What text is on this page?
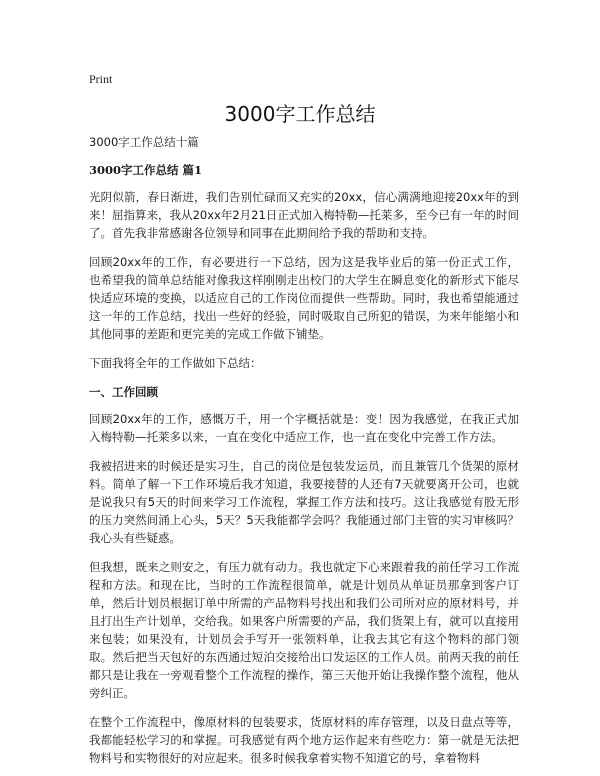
Print
3000字工作总结

3000字工作总结十篇

3000字工作总结 篇1

光阴似箭，春日渐进，我们告别忙碌而又充实的20xx，信心满满地迎接20xx年的到来！屈指算来，我从20xx年2月21日正式加入梅特勒—托莱多，至今已有一年的时间了。首先我非常感谢各位领导和同事在此期间给予我的帮助和支持。

回顾20xx年的工作，有必要进行一下总结，因为这是我毕业后的第一份正式工作，也希望我的简单总结能对像我这样刚刚走出校门的大学生在瞬息变化的新形式下能尽快适应环境的变换，以适应自己的工作岗位而提供一些帮助。同时，我也希望能通过这一年的工作总结，找出一些好的经验，同时吸取自己所犯的错误，为来年能缩小和其他同事的差距和更完美的完成工作做下铺垫。

下面我将全年的工作做如下总结：

一、工作回顾

回顾20xx年的工作，感慨万千，用一个字概括就是：变！因为我感觉，在我正式加入梅特勒—托莱多以来，一直在变化中适应工作，也一直在变化中完善工作方法。

我被招进来的时候还是实习生，自己的岗位是包装发运员，而且兼管几个货架的原材料。简单了解一下工作环境后我才知道，我要接替的人还有7天就要离开公司，也就是说我只有5天的时间来学习工作流程，掌握工作方法和技巧。这让我感觉有股无形的压力突然间涌上心头，5天？5天我能都学会吗？我能通过部门主管的实习审核吗？我心头有些疑惑。

但我想，既来之则安之，有压力就有动力。我也就定下心来跟着我的前任学习工作流程和方法。和现在比，当时的工作流程很简单，就是计划员从单证员那拿到客户订单，然后计划员根据订单中所需的产品物料号找出和我们公司所对应的原材料号，并且打出生产计划单，交给我。如果客户所需要的产品，我们货架上有，就可以直接用来包装；如果没有，计划员会手写开一张领料单，让我去其它有这个物料的部门领取。然后把当天包好的东西通过短泊交接给出口发运区的工作人员。前两天我的前任都只是让我在一旁观看整个工作流程的操作，第三天他开始让我操作整个流程，他从旁纠正。

在整个工作流程中，像原材料的包装要求，货原材料的库存管理，以及日盘点等等，我都能轻松学习的和掌握。可我感觉有两个地方运作起来有些吃力：第一就是无法把物料号和实物很好的对应起来。很多时候我拿着实物不知道它的号，拿着物料
